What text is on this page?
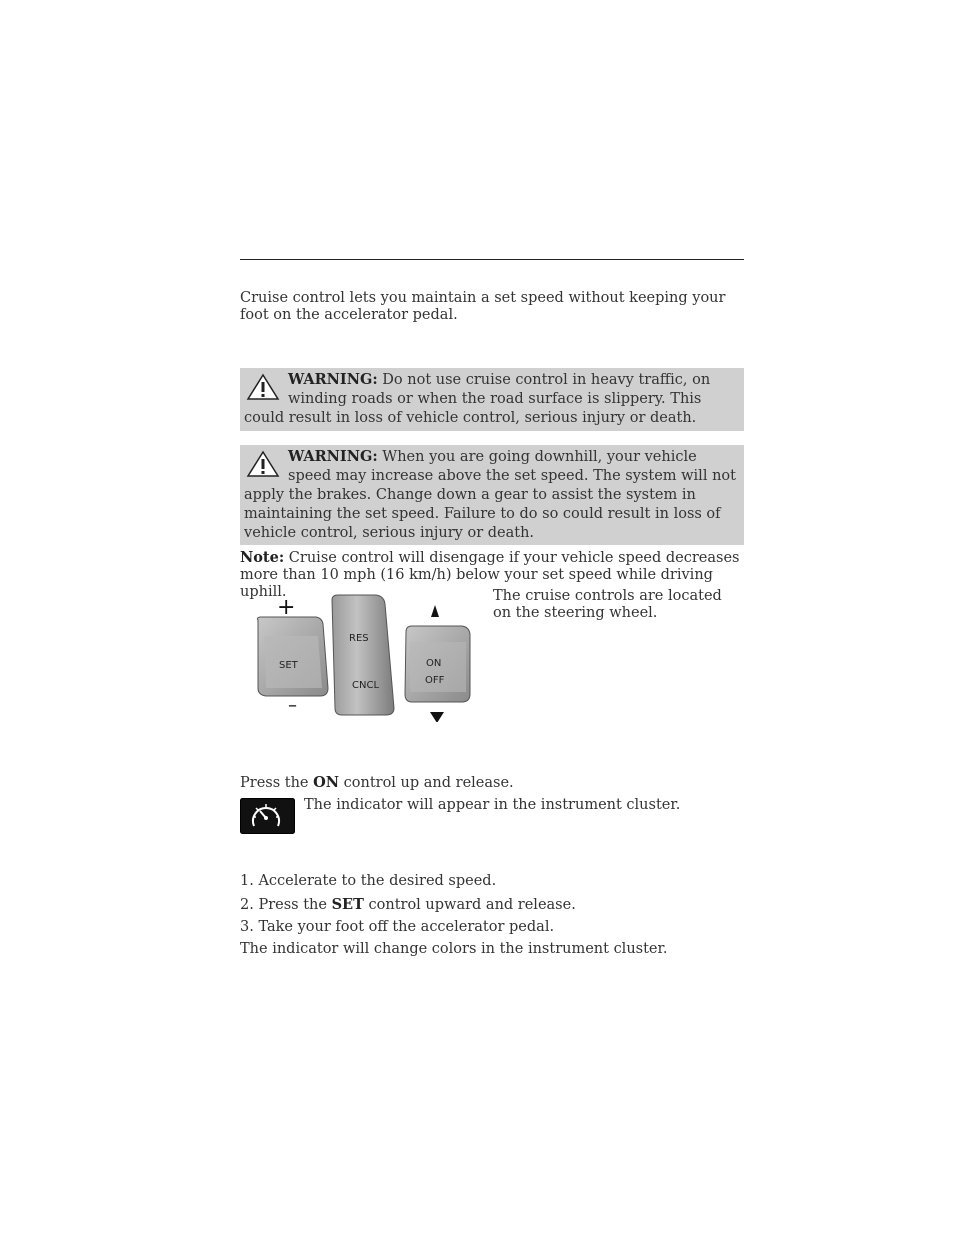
Cruise control lets you maintain a set speed without keeping your foot on the accelerator pedal.

WARNING: Do not use cruise control in heavy traffic, on winding roads or when the road surface is slippery. This could result in loss of vehicle control, serious injury or death.
WARNING: When you are going downhill, your vehicle speed may increase above the set speed. The system will not apply the brakes. Change down a gear to assist the system in maintaining the set speed. Failure to do so could result in loss of vehicle control, serious injury or death.

Note: Cruise control will disengage if your vehicle speed decreases more than 10 mph (16 km/h) below your set speed while driving uphill.

+
–
SET
RES
CNCL
ON
OFF

The cruise controls are located on the steering wheel.

Press the ON control up and release.

The indicator will appear in the instrument cluster.

1. Accelerate to the desired speed.

2. Press the SET control upward and release.

3. Take your foot off the accelerator pedal.

The indicator will change colors in the instrument cluster.
